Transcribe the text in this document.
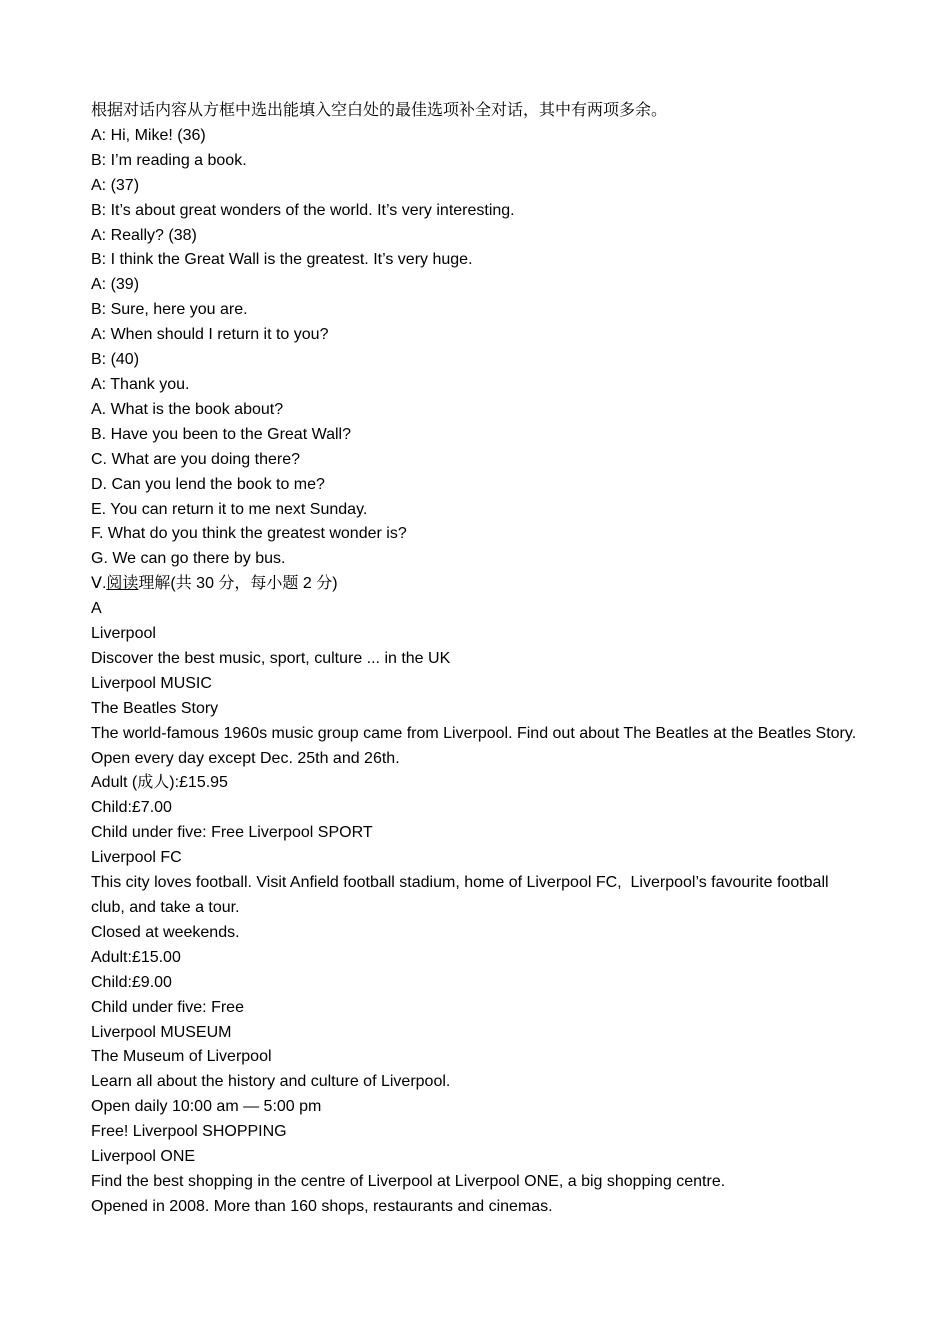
根据对话内容从方框中选出能填入空白处的最佳选项补全对话，其中有两项多余。

A: Hi, Mike! (36)

B: I’m reading a book.

A: (37)

B: It’s about great wonders of the world. It’s very interesting.

A: Really? (38)

B: I think the Great Wall is the greatest. It’s very huge.

A: (39)

B: Sure, here you are.

A: When should I return it to you?

B: (40)

A: Thank you.

A. What is the book about?

B. Have you been to the Great Wall?

C. What are you doing there?

D. Can you lend the book to me?

E. You can return it to me next Sunday.

F. What do you think the greatest wonder is?

G. We can go there by bus.

Ⅴ.阅读理解(共 30 分，每小题 2 分)

A

Liverpool

Discover the best music, sport, culture ... in the UK

Liverpool MUSIC

The Beatles Story

The world-famous 1960s music group came from Liverpool. Find out about The Beatles at the Beatles Story.

Open every day except Dec. 25th and 26th.

Adult (成人):£15.95

Child:£7.00

Child under five: Free Liverpool SPORT

Liverpool FC

This city loves football. Visit Anfield football stadium, home of Liverpool FC,  Liverpool’s favourite football club, and take a tour.

Closed at weekends.

Adult:£15.00

Child:£9.00

Child under five: Free

Liverpool MUSEUM

The Museum of Liverpool

Learn all about the history and culture of Liverpool.

Open daily 10:00 am — 5:00 pm

Free! Liverpool SHOPPING

Liverpool ONE

Find the best shopping in the centre of Liverpool at Liverpool ONE, a big shopping centre.

Opened in 2008. More than 160 shops, restaurants and cinemas.
